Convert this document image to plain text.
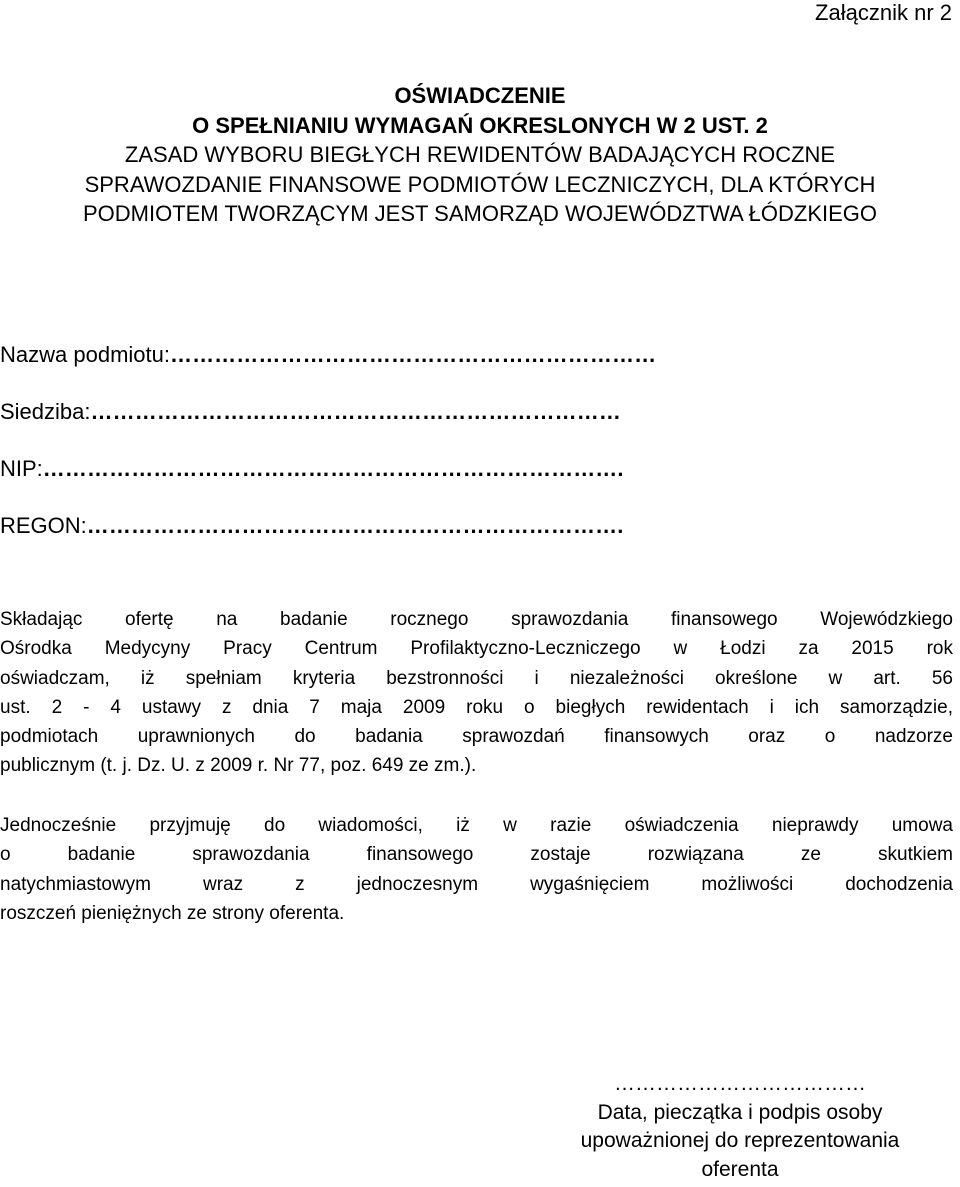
Załącznik nr 2
OŚWIADCZENIE
O SPEŁNIANIU WYMAGAŃ OKRESLONYCH W 2 UST. 2
ZASAD WYBORU BIEGŁYCH REWIDENTÓW BADAJĄCYCH ROCZNE
SPRAWOZDANIE FINANSOWE PODMIOTÓW LECZNICZYCH, DLA KTÓRYCH
PODMIOTEM TWORZĄCYM JEST SAMORZĄD WOJEWÓDZTWA ŁÓDZKIEGO
Nazwa podmiotu:…………………………………………………………
Siedziba:………………………………………………………………
NIP:…………………………………………………………………….
REGON:……………………………………………………………….
Składając ofertę na badanie rocznego sprawozdania finansowego Wojewódzkiego
Ośrodka Medycyny Pracy Centrum Profilaktyczno-Leczniczego w Łodzi za 2015 rok
oświadczam, iż spełniam kryteria bezstronności i niezależności określone w art. 56
ust. 2 - 4 ustawy z dnia 7 maja 2009 roku o biegłych rewidentach i ich samorządzie,
podmiotach uprawnionych do badania sprawozdań finansowych oraz o nadzorze
publicznym (t. j. Dz. U. z 2009 r. Nr 77, poz. 649 ze zm.).
Jednocześnie przyjmuję do wiadomości, iż w razie oświadczenia nieprawdy umowa
o badanie sprawozdania finansowego zostaje rozwiązana ze skutkiem
natychmiastowym wraz z jednoczesnym wygaśnięciem możliwości dochodzenia
roszczeń pieniężnych ze strony oferenta.
………………………………
Data, pieczątka i podpis osoby
upoważnionej do reprezentowania
oferenta
